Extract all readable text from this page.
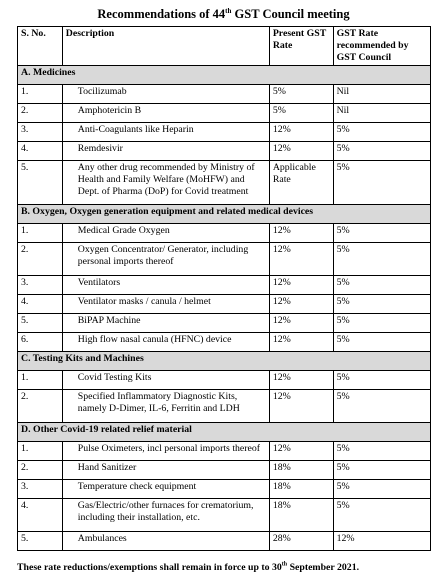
Recommendations of 44th GST Council meeting
S. No.	Description	Present GST Rate	GST Rate recommended by GST Council
A. Medicines			
1.	Tocilizumab	5%	Nil
2.	Amphotericin B	5%	Nil
3.	Anti-Coagulants like Heparin	12%	5%
4.	Remdesivir	12%	5%
5.	Any other drug recommended by Ministry of Health and Family Welfare (MoHFW) and Dept. of Pharma (DoP) for Covid treatment	Applicable Rate	5%
B. Oxygen, Oxygen generation equipment and related medical devices			
1.	Medical Grade Oxygen	12%	5%
2.	Oxygen Concentrator/ Generator, including personal imports thereof	12%	5%
3.	Ventilators	12%	5%
4.	Ventilator masks / canula / helmet	12%	5%
5.	BiPAP Machine	12%	5%
6.	High flow nasal canula (HFNC) device	12%	5%
C. Testing Kits and Machines			
1.	Covid Testing Kits	12%	5%
2.	Specified Inflammatory Diagnostic Kits, namely D-Dimer, IL-6, Ferritin and LDH	12%	5%
D. Other Covid-19 related relief material			
1.	Pulse Oximeters, incl personal imports thereof	12%	5%
2.	Hand Sanitizer	18%	5%
3.	Temperature check equipment	18%	5%
4.	Gas/Electric/other furnaces for crematorium, including their installation, etc.	18%	5%
5.	Ambulances	28%	12%
These rate reductions/exemptions shall remain in force up to 30th September 2021.
